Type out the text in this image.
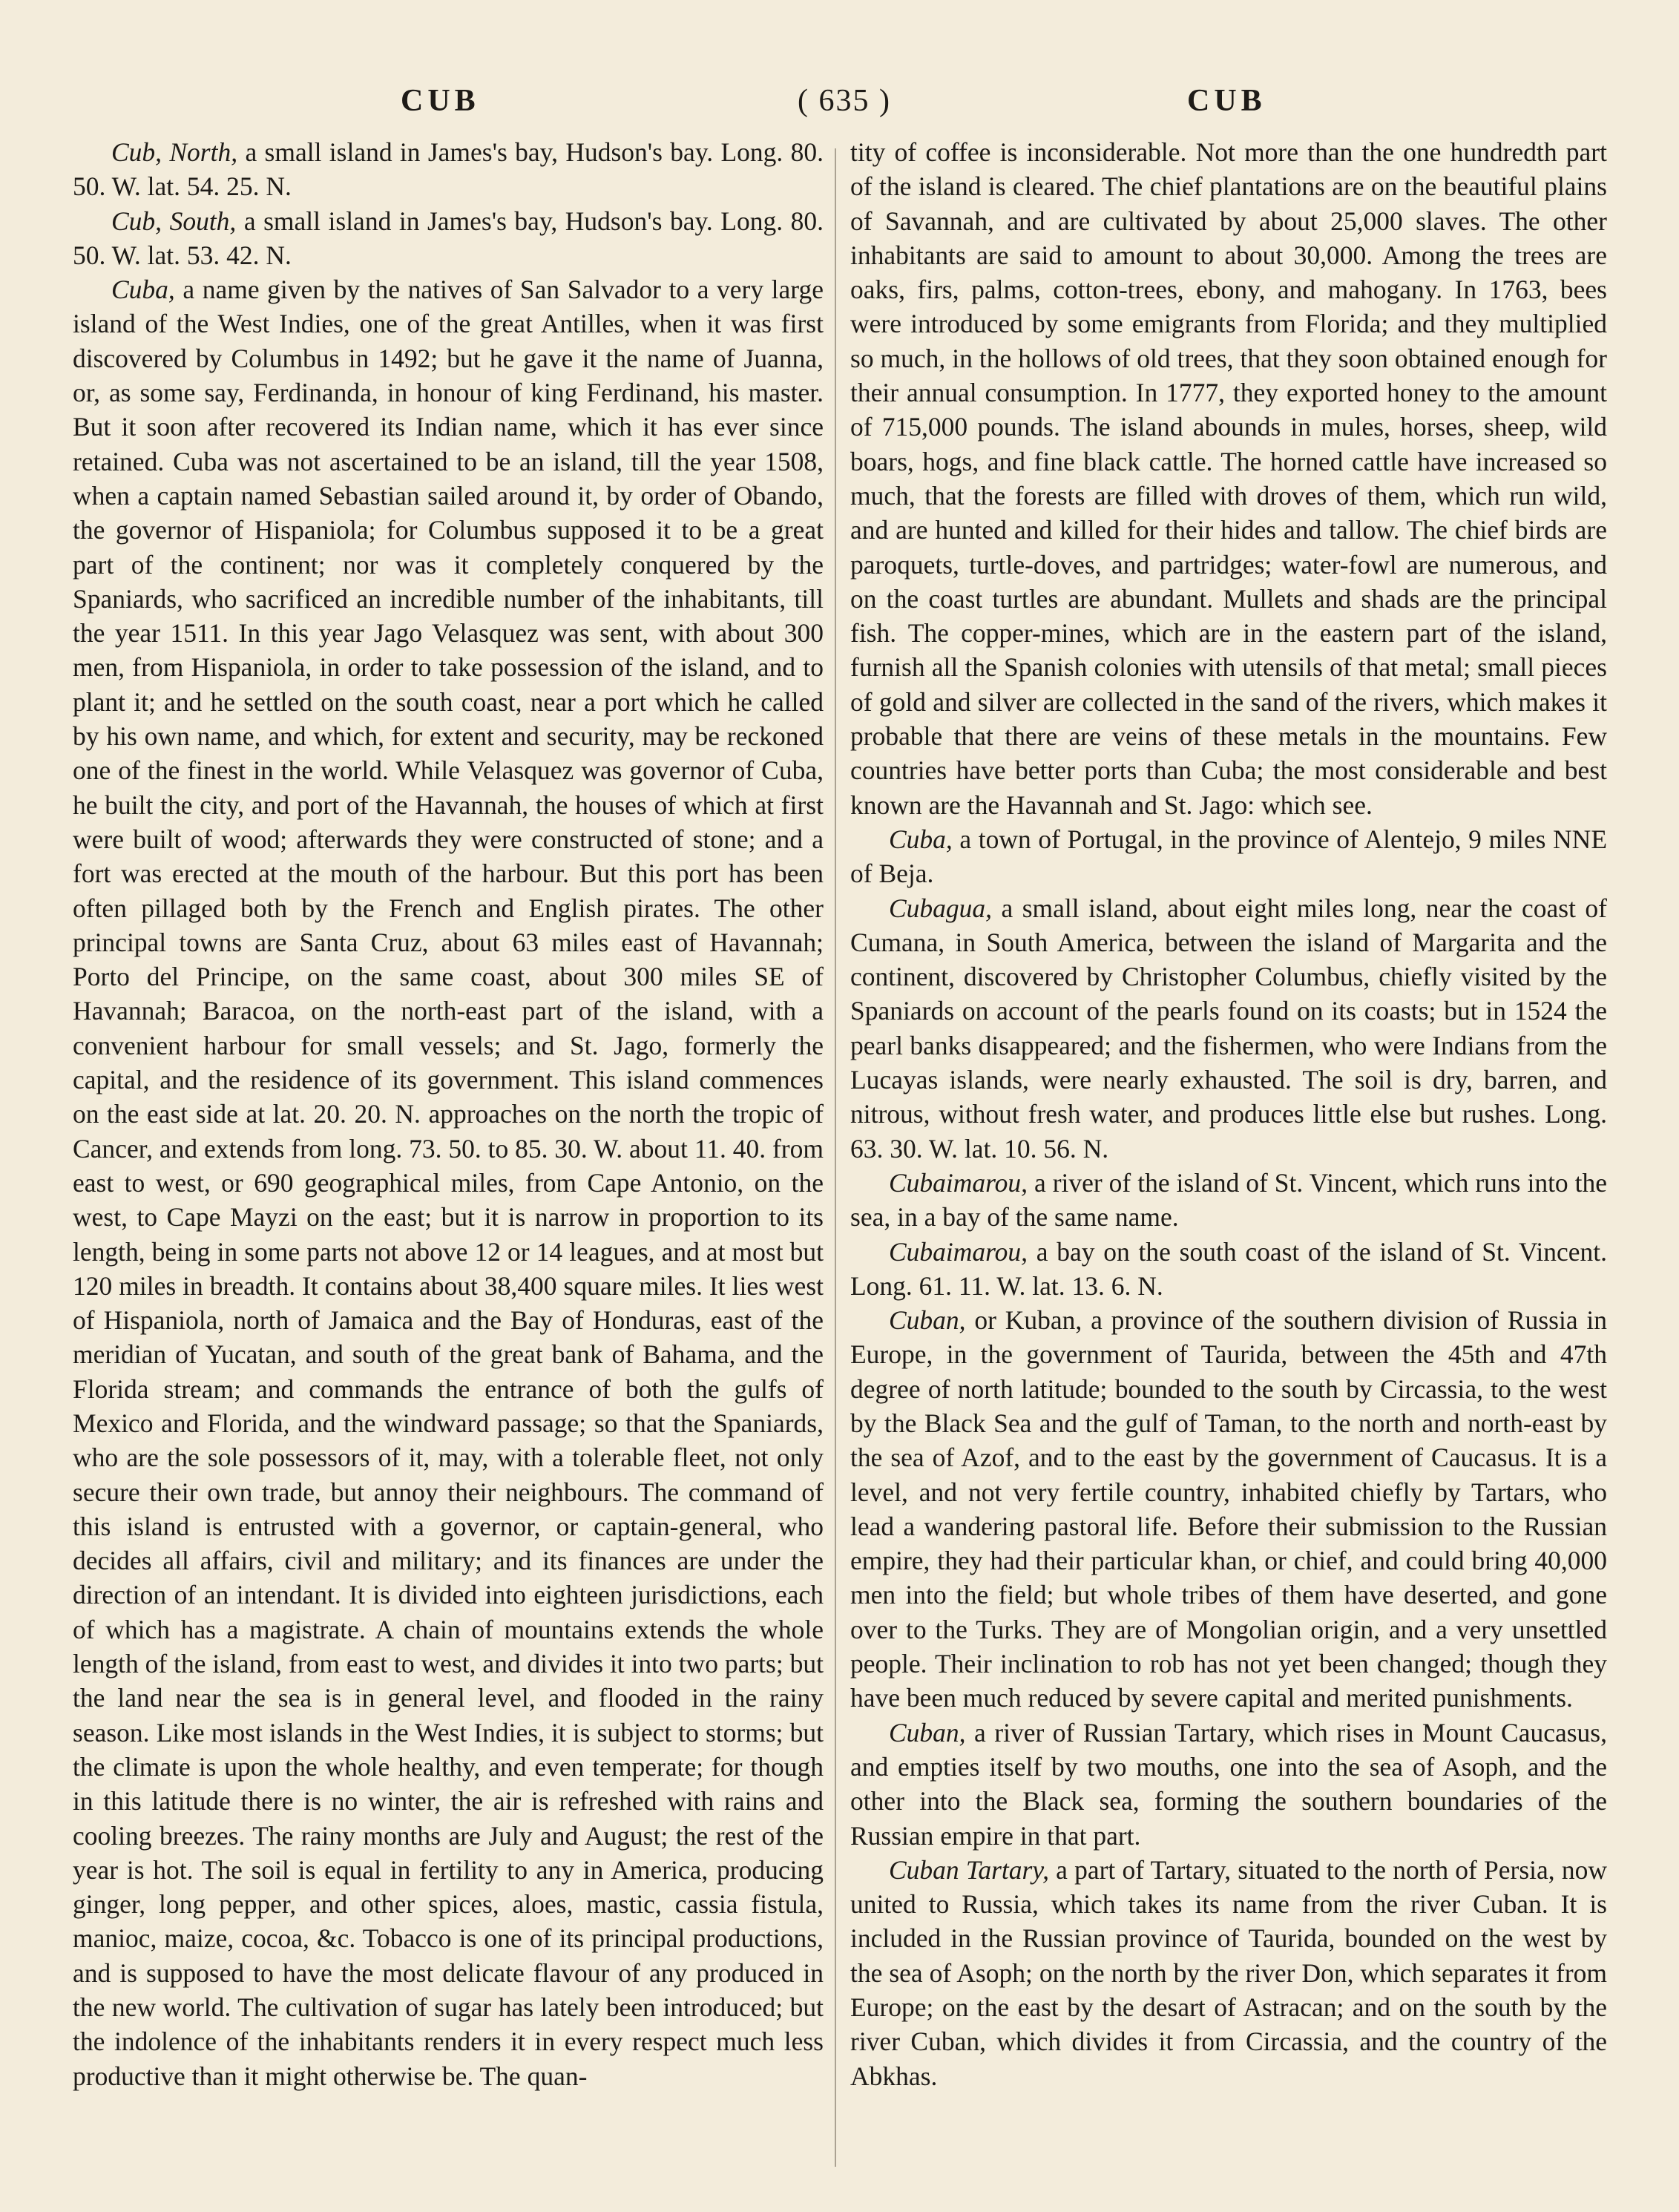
CUB	( 635 )	CUB

Cub, North, a small island in James's bay, Hudson's bay. Long. 80. 50. W. lat. 54. 25. N.

Cub, South, a small island in James's bay, Hudson's bay. Long. 80. 50. W. lat. 53. 42. N.

Cuba, a name given by the natives of San Salvador to a very large island of the West Indies, one of the great Antilles, when it was first discovered by Columbus in 1492; but he gave it the name of Juanna, or, as some say, Ferdinanda, in honour of king Ferdinand, his master. But it soon after recovered its Indian name, which it has ever since retained. Cuba was not ascertained to be an island, till the year 1508, when a captain named Sebastian sailed around it, by order of Obando, the governor of Hispaniola; for Columbus supposed it to be a great part of the continent; nor was it completely conquered by the Spaniards, who sacrificed an incredible number of the inhabitants, till the year 1511. In this year Jago Velasquez was sent, with about 300 men, from Hispaniola, in order to take possession of the island, and to plant it; and he settled on the south coast, near a port which he called by his own name, and which, for extent and security, may be reckoned one of the finest in the world. While Velasquez was governor of Cuba, he built the city, and port of the Havannah, the houses of which at first were built of wood; afterwards they were constructed of stone; and a fort was erected at the mouth of the harbour. But this port has been often pillaged both by the French and English pirates. The other principal towns are Santa Cruz, about 63 miles east of Havannah; Porto del Principe, on the same coast, about 300 miles SE of Havannah; Baracoa, on the north-east part of the island, with a convenient harbour for small vessels; and St. Jago, formerly the capital, and the residence of its government. This island commences on the east side at lat. 20. 20. N. approaches on the north the tropic of Cancer, and extends from long. 73. 50. to 85. 30. W. about 11. 40. from east to west, or 690 geographical miles, from Cape Antonio, on the west, to Cape Mayzi on the east; but it is narrow in proportion to its length, being in some parts not above 12 or 14 leagues, and at most but 120 miles in breadth. It contains about 38,400 square miles. It lies west of Hispaniola, north of Jamaica and the Bay of Honduras, east of the meridian of Yucatan, and south of the great bank of Bahama, and the Florida stream; and commands the entrance of both the gulfs of Mexico and Florida, and the windward passage; so that the Spaniards, who are the sole possessors of it, may, with a tolerable fleet, not only secure their own trade, but annoy their neighbours. The command of this island is entrusted with a governor, or captain-general, who decides all affairs, civil and military; and its finances are under the direction of an intendant. It is divided into eighteen jurisdictions, each of which has a magistrate. A chain of mountains extends the whole length of the island, from east to west, and divides it into two parts; but the land near the sea is in general level, and flooded in the rainy season. Like most islands in the West Indies, it is subject to storms; but the climate is upon the whole healthy, and even temperate; for though in this latitude there is no winter, the air is refreshed with rains and cooling breezes. The rainy months are July and August; the rest of the year is hot. The soil is equal in fertility to any in America, producing ginger, long pepper, and other spices, aloes, mastic, cassia fistula, manioc, maize, cocoa, &c. Tobacco is one of its principal productions, and is supposed to have the most delicate flavour of any produced in the new world. The cultivation of sugar has lately been introduced; but the indolence of the inhabitants renders it in every respect much less productive than it might otherwise be. The quan-

tity of coffee is inconsiderable. Not more than the one hundredth part of the island is cleared. The chief plantations are on the beautiful plains of Savannah, and are cultivated by about 25,000 slaves. The other inhabitants are said to amount to about 30,000. Among the trees are oaks, firs, palms, cotton-trees, ebony, and mahogany. In 1763, bees were introduced by some emigrants from Florida; and they multiplied so much, in the hollows of old trees, that they soon obtained enough for their annual consumption. In 1777, they exported honey to the amount of 715,000 pounds. The island abounds in mules, horses, sheep, wild boars, hogs, and fine black cattle. The horned cattle have increased so much, that the forests are filled with droves of them, which run wild, and are hunted and killed for their hides and tallow. The chief birds are paroquets, turtle-doves, and partridges; water-fowl are numerous, and on the coast turtles are abundant. Mullets and shads are the principal fish. The copper-mines, which are in the eastern part of the island, furnish all the Spanish colonies with utensils of that metal; small pieces of gold and silver are collected in the sand of the rivers, which makes it probable that there are veins of these metals in the mountains. Few countries have better ports than Cuba; the most considerable and best known are the Havannah and St. Jago: which see.

Cuba, a town of Portugal, in the province of Alentejo, 9 miles NNE of Beja.

Cubagua, a small island, about eight miles long, near the coast of Cumana, in South America, between the island of Margarita and the continent, discovered by Christopher Columbus, chiefly visited by the Spaniards on account of the pearls found on its coasts; but in 1524 the pearl banks disappeared; and the fishermen, who were Indians from the Lucayas islands, were nearly exhausted. The soil is dry, barren, and nitrous, without fresh water, and produces little else but rushes. Long. 63. 30. W. lat. 10. 56. N.

Cubaimarou, a river of the island of St. Vincent, which runs into the sea, in a bay of the same name.

Cubaimarou, a bay on the south coast of the island of St. Vincent. Long. 61. 11. W. lat. 13. 6. N.

Cuban, or Kuban, a province of the southern division of Russia in Europe, in the government of Taurida, between the 45th and 47th degree of north latitude; bounded to the south by Circassia, to the west by the Black Sea and the gulf of Taman, to the north and north-east by the sea of Azof, and to the east by the government of Caucasus. It is a level, and not very fertile country, inhabited chiefly by Tartars, who lead a wandering pastoral life. Before their submission to the Russian empire, they had their particular khan, or chief, and could bring 40,000 men into the field; but whole tribes of them have deserted, and gone over to the Turks. They are of Mongolian origin, and a very unsettled people. Their inclination to rob has not yet been changed; though they have been much reduced by severe capital and merited punishments.

Cuban, a river of Russian Tartary, which rises in Mount Caucasus, and empties itself by two mouths, one into the sea of Asoph, and the other into the Black sea, forming the southern boundaries of the Russian empire in that part.

Cuban Tartary, a part of Tartary, situated to the north of Persia, now united to Russia, which takes its name from the river Cuban. It is included in the Russian province of Taurida, bounded on the west by the sea of Asoph; on the north by the river Don, which separates it from Europe; on the east by the desart of Astracan; and on the south by the river Cuban, which divides it from Circassia, and the country of the Abkhas.
